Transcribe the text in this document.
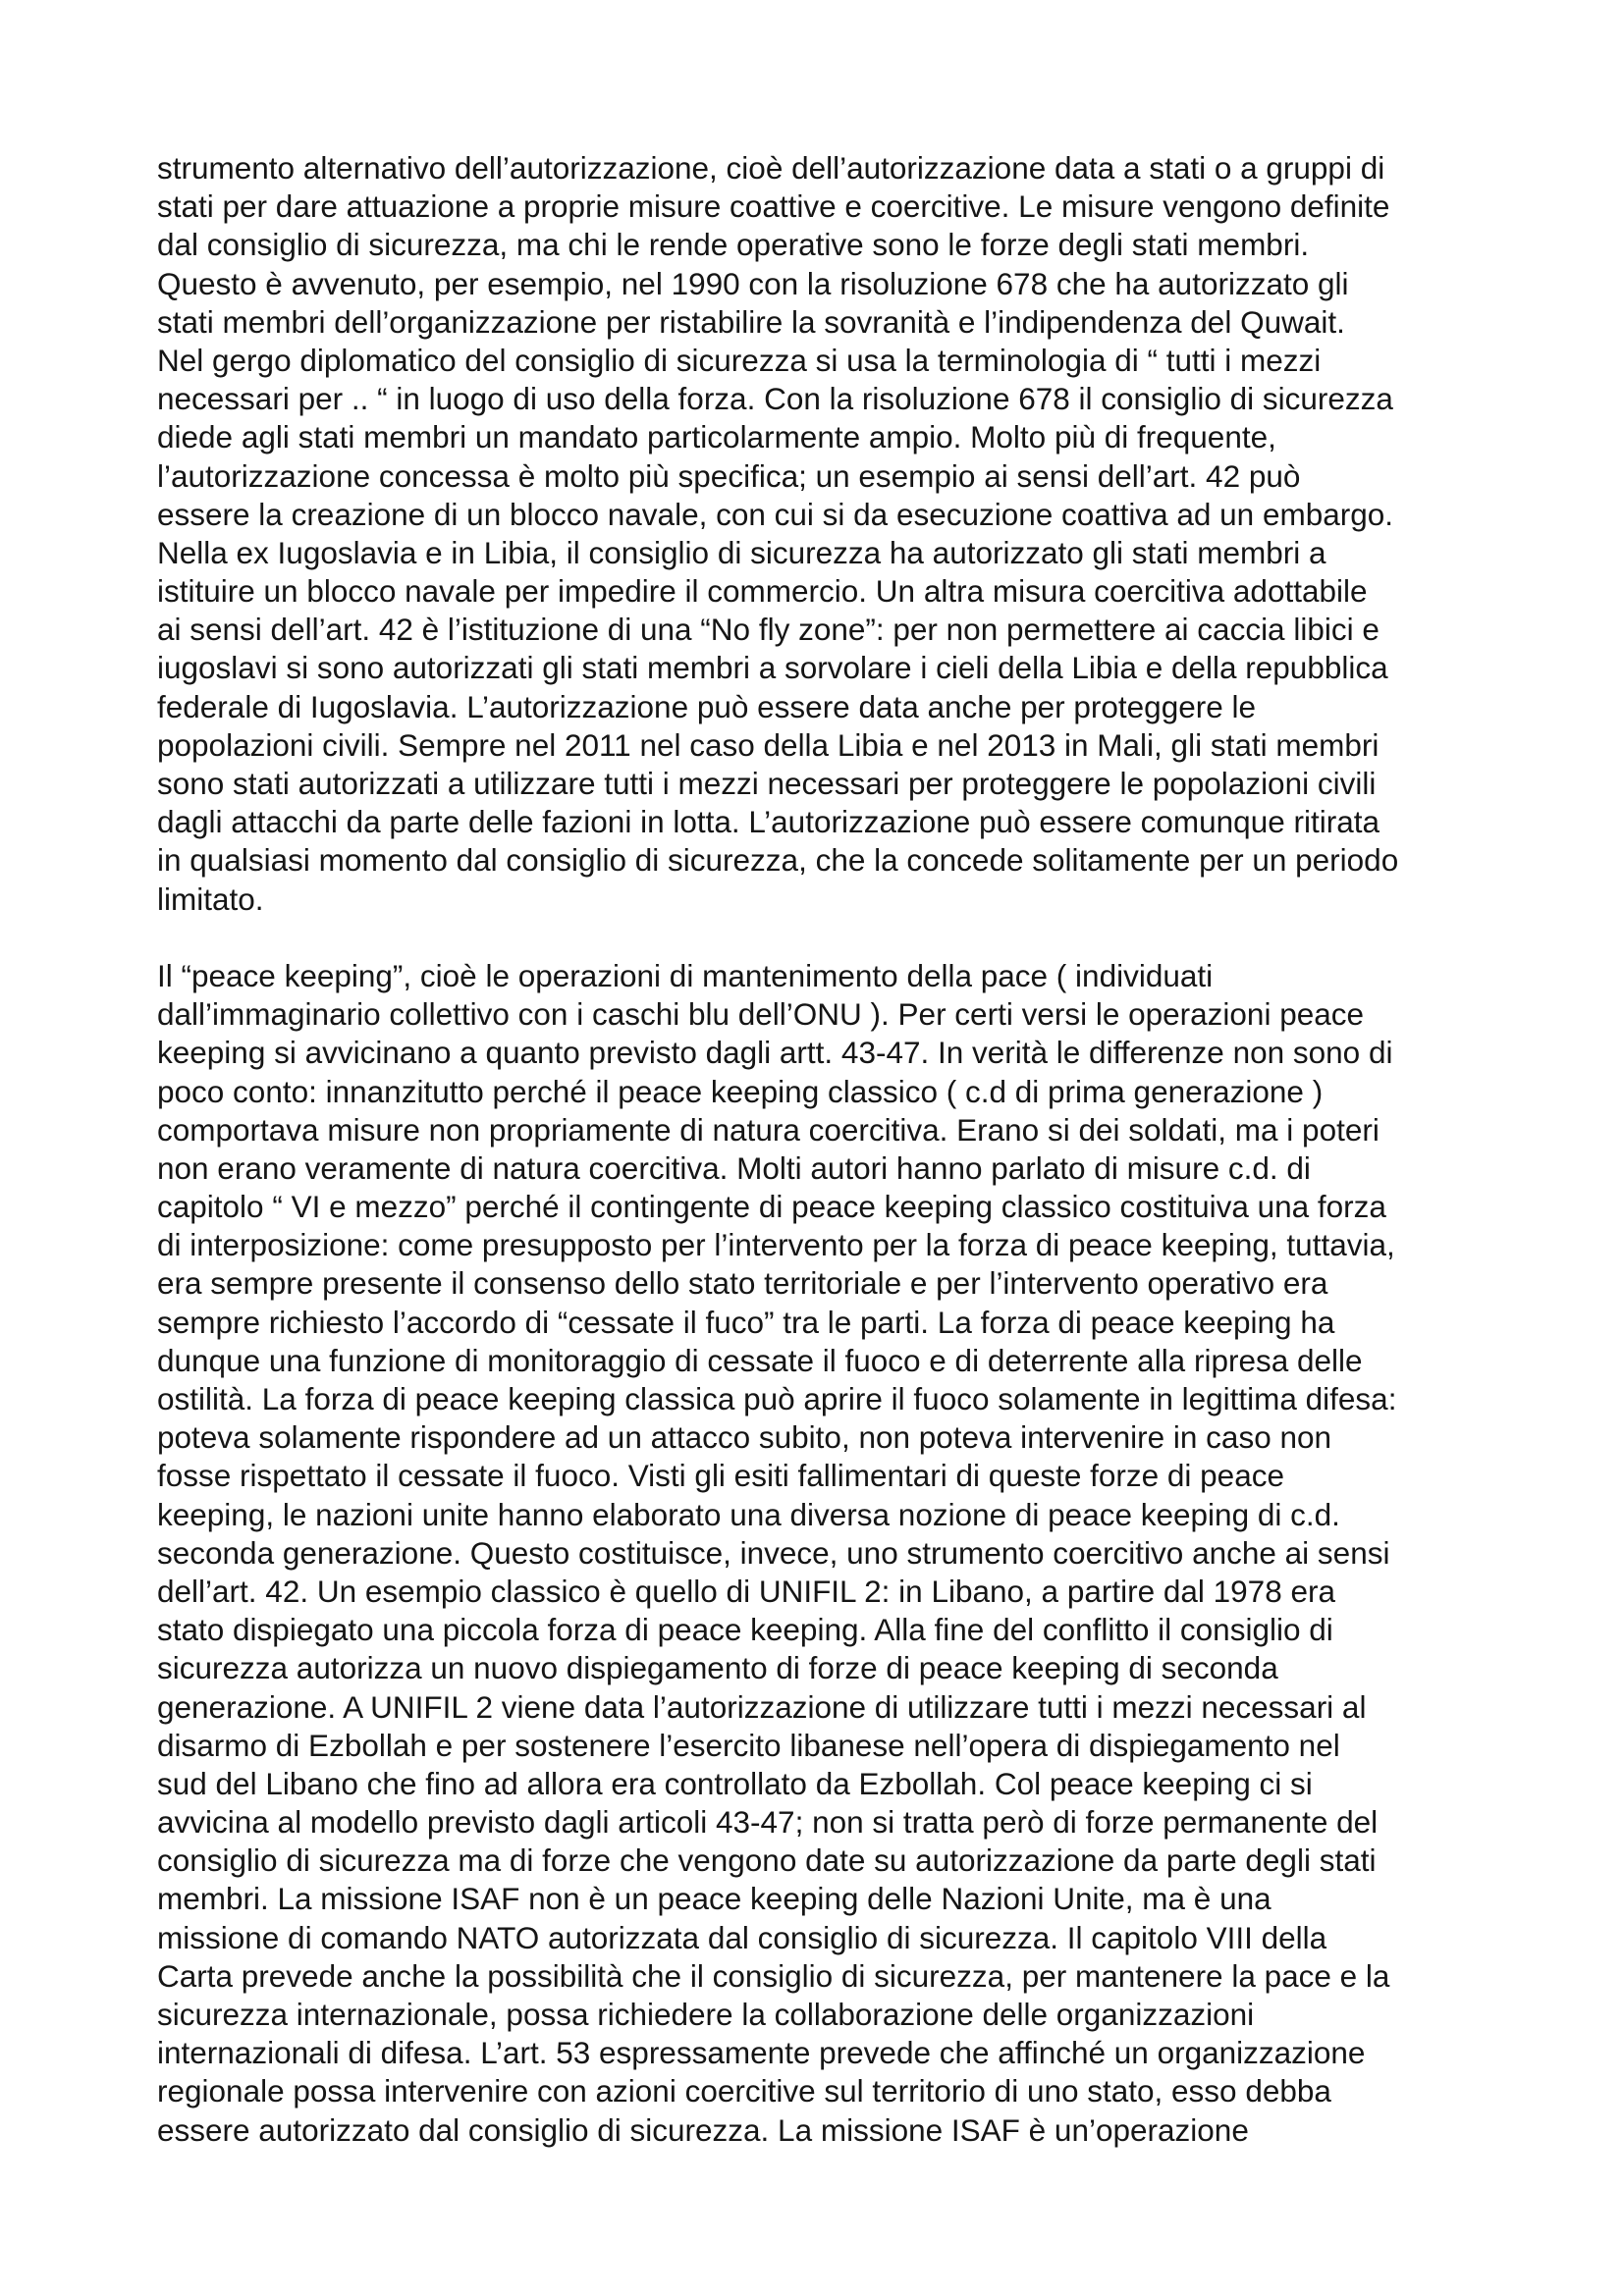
strumento alternativo dell’autorizzazione, cioè dell’autorizzazione data a stati o a gruppi di
stati per dare attuazione a proprie misure coattive e coercitive. Le misure vengono definite
dal consiglio di sicurezza, ma chi le rende operative sono le forze degli stati membri.
Questo è avvenuto, per esempio, nel 1990 con la risoluzione 678 che ha autorizzato gli
stati membri dell’organizzazione per ristabilire la sovranità e l’indipendenza del Quwait.
Nel gergo diplomatico del consiglio di sicurezza si usa la terminologia di “ tutti i mezzi
necessari per .. “ in luogo di uso della forza. Con la risoluzione 678 il consiglio di sicurezza
diede agli stati membri un mandato particolarmente ampio. Molto più di frequente,
l’autorizzazione concessa è molto più specifica; un esempio ai sensi dell’art. 42 può
essere la creazione di un blocco navale, con cui si da esecuzione coattiva ad un embargo.
Nella ex Iugoslavia e in Libia, il consiglio di sicurezza ha autorizzato gli stati membri a
istituire un blocco navale per impedire il commercio. Un altra misura coercitiva adottabile
ai sensi dell’art. 42 è l’istituzione di una “No fly zone”: per non permettere ai caccia libici e
iugoslavi si sono autorizzati gli stati membri a sorvolare i cieli della Libia e della repubblica
federale di Iugoslavia. L’autorizzazione può essere data anche per proteggere le
popolazioni civili. Sempre nel 2011 nel caso della Libia e nel 2013 in Mali, gli stati membri
sono stati autorizzati a utilizzare tutti i mezzi necessari per proteggere le popolazioni civili
dagli attacchi da parte delle fazioni in lotta. L’autorizzazione può essere comunque ritirata
in qualsiasi momento dal consiglio di sicurezza, che la concede solitamente per un periodo
limitato.
Il “peace keeping”, cioè le operazioni di mantenimento della pace ( individuati
dall’immaginario collettivo con i caschi blu dell’ONU ). Per certi versi le operazioni peace
keeping si avvicinano a quanto previsto dagli artt. 43-47. In verità le differenze non sono di
poco conto: innanzitutto perché il peace keeping classico ( c.d di prima generazione )
comportava misure non propriamente di natura coercitiva. Erano si dei soldati, ma i poteri
non erano veramente di natura coercitiva. Molti autori hanno parlato di misure c.d. di
capitolo “ VI e mezzo” perché il contingente di peace keeping classico costituiva una forza
di interposizione: come presupposto per l’intervento per la forza di peace keeping, tuttavia,
era sempre presente il consenso dello stato territoriale e per l’intervento operativo era
sempre richiesto l’accordo di “cessate il fuco” tra le parti. La forza di peace keeping ha
dunque una funzione di monitoraggio di cessate il fuoco e di deterrente alla ripresa delle
ostilità. La forza di peace keeping classica può aprire il fuoco solamente in legittima difesa:
poteva solamente rispondere ad un attacco subito, non poteva intervenire in caso non
fosse rispettato il cessate il fuoco. Visti gli esiti fallimentari di queste forze di peace
keeping, le nazioni unite hanno elaborato una diversa nozione di peace keeping di c.d.
seconda generazione. Questo costituisce, invece, uno strumento coercitivo anche ai sensi
dell’art. 42. Un esempio classico è quello di UNIFIL 2: in Libano, a partire dal 1978 era
stato dispiegato una piccola forza di peace keeping. Alla fine del conflitto il consiglio di
sicurezza autorizza un nuovo dispiegamento di forze di peace keeping di seconda
generazione. A UNIFIL 2 viene data l’autorizzazione di utilizzare tutti i mezzi necessari al
disarmo di Ezbollah e per sostenere l’esercito libanese nell’opera di dispiegamento nel
sud del Libano che fino ad allora era controllato da Ezbollah. Col peace keeping ci si
avvicina al modello previsto dagli articoli 43-47; non si tratta però di forze permanente del
consiglio di sicurezza ma di forze che vengono date su autorizzazione da parte degli stati
membri. La missione ISAF non è un peace keeping delle Nazioni Unite, ma è una
missione di comando NATO autorizzata dal consiglio di sicurezza. Il capitolo VIII della
Carta prevede anche la possibilità che il consiglio di sicurezza, per mantenere la pace e la
sicurezza internazionale, possa richiedere la collaborazione delle organizzazioni
internazionali di difesa. L’art. 53 espressamente prevede che affinché un organizzazione
regionale possa intervenire con azioni coercitive sul territorio di uno stato, esso debba
essere autorizzato dal consiglio di sicurezza. La missione ISAF è un’operazione
